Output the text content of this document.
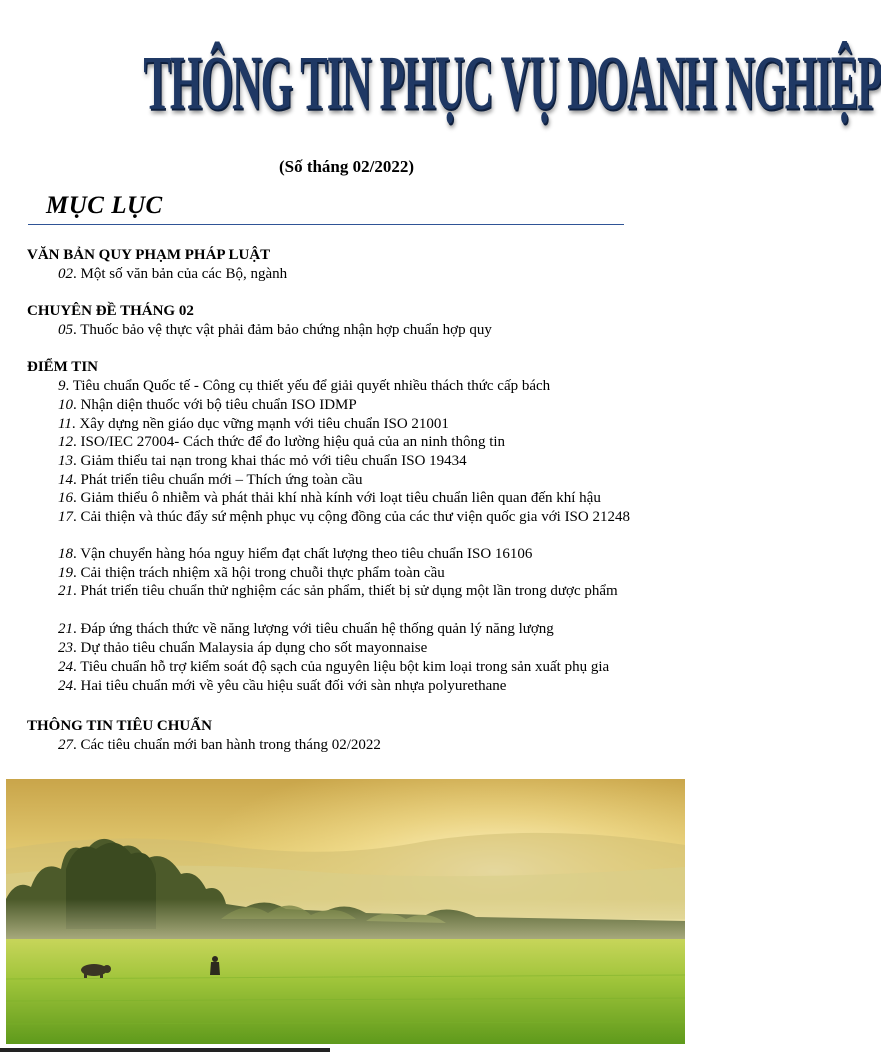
THÔNG TIN PHỤC VỤ DOANH NGHIỆP
(Số tháng 02/2022)
MỤC LỤC
VĂN BẢN QUY PHẠM PHÁP LUẬT

02. Một số văn bản của các Bộ, ngành

CHUYÊN ĐỀ THÁNG 02

05. Thuốc bảo vệ thực vật phải đảm bảo chứng nhận hợp chuẩn hợp quy

ĐIỂM TIN

9. Tiêu chuẩn Quốc tế - Công cụ thiết yếu để giải quyết nhiều thách thức cấp bách

10. Nhận diện thuốc với bộ tiêu chuẩn ISO IDMP

11. Xây dựng nền giáo dục vững mạnh với tiêu chuẩn ISO 21001

12. ISO/IEC 27004- Cách thức để đo lường hiệu quả của an ninh thông tin

13. Giảm thiểu tai nạn trong khai thác mỏ với tiêu chuẩn ISO 19434

14. Phát triển tiêu chuẩn mới – Thích ứng toàn cầu

16. Giảm thiểu ô nhiễm và phát thải khí nhà kính với loạt tiêu chuẩn liên quan đến khí hậu

17. Cải thiện và thúc đẩy sứ mệnh phục vụ cộng đồng của các thư viện quốc gia với ISO 21248

18. Vận chuyển hàng hóa nguy hiểm đạt chất lượng theo tiêu chuẩn ISO 16106

19. Cải thiện trách nhiệm xã hội trong chuỗi thực phẩm toàn cầu

21. Phát triển tiêu chuẩn thử nghiệm các sản phẩm, thiết bị sử dụng một lần trong dược phẩm

21. Đáp ứng thách thức về năng lượng với tiêu chuẩn hệ thống quản lý năng lượng

23. Dự thảo tiêu chuẩn Malaysia áp dụng cho sốt mayonnaise

24. Tiêu chuẩn hỗ trợ kiểm soát độ sạch của nguyên liệu bột kim loại trong sản xuất phụ gia

24. Hai tiêu chuẩn mới về yêu cầu hiệu suất đối với sàn nhựa polyurethane

THÔNG TIN TIÊU CHUẨN

27. Các tiêu chuẩn mới ban hành trong tháng 02/2022
